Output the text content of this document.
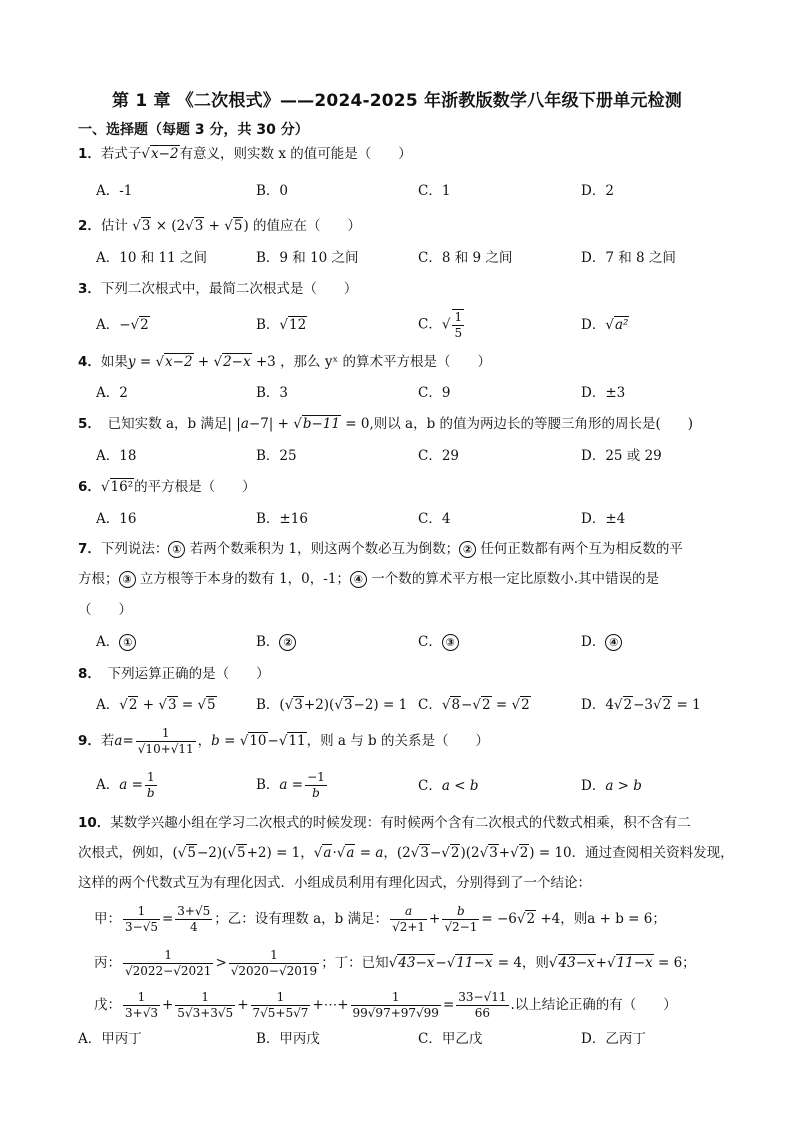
第 1 章 《二次根式》——2024-2025 年浙教版数学八年级下册单元检测
一、选择题（每题 3 分，共 30 分）
1．若式子√x−2有意义，则实数 x 的值可能是（　　）
A．-1	B．0	C．1	D．2
2．估计 √3 × (2√3 + √5) 的值应在（　　）
A．10 和 11 之间	B．9 和 10 之间	C．8 和 9 之间	D．7 和 8 之间
3．下列二次根式中，最简二次根式是（　　）
A．−√2	B．√12	C．√ $\frac{1}{5}$	D．√a²
4．如果y = √x−2 + √2−x +3 ，那么 yˣ 的算术平方根是（　　）
A．2	B．3	C．9	D．±3
5．　 已知实数 a，b 满足| |a−7| + √b−11 = 0,则以 a，b 的值为两边长的等腰三角形的周长是(　　)
A．18	B．25	C．29	D．25 或 29
6．√16²的平方根是（　　）
A．16	B．±16	C．4	D．±4
7．下列说法： ① 若两个数乘积为 1，则这两个数必互为倒数； ② 任何正数都有两个互为相反数的平
方根； ③ 立方根等于本身的数有 1，0，-1； ④ 一个数的算术平方根一定比原数小.其中错误的是
（　　）
A． ①	B． ②	C． ③	D． ④
8．　 下列运算正确的是（　　）
A．√2 + √3 = √5	B．(√3+2)(√3−2) = 1 C．√8−√2 = √2	D．4√2−3√2 = 1
9．若$a= \frac{1}{√10+√11}$ ，b = √10−√11，则 a 与 b 的关系是（　　）
A．$a = \frac{1}{b}$	B．$a = \frac{-1}{b}$	C．a < b	D．a > b
10．某数学兴趣小组在学习二次根式的时候发现：有时候两个含有二次根式的代数式相乘，积不含有二
次根式，例如，(√5−2)(√5+2) = 1，√a·√a = a，(2√3−√2)(2√3+√2) = 10．通过查阅相关资料发现，
这样的两个代数式互为有理化因式．小组成员利用有理化因式，分别得到了一个结论：
甲： $\frac{1}{3-√5} = \frac{3+√5}{4}$ ；乙：设有理数 a，b 满足： $\frac{a}{√2+1} + \frac{b}{√2-1} = -6√2 +4$，则a + b = 6；
丙： $\frac{1}{√2022-√2021} > \frac{1}{√2020-√2019}$ ；丁：已知√43−x−√11−x = 4，则√43−x+√11−x = 6；
戊： $\frac{1}{3+√3} + \frac{1}{5√3+3√5} + \frac{1}{7√5+5√7}$ +⋯+ $\frac{1}{99√97+97√99} = \frac{33-√11}{66}$ .以上结论正确的有（　　）
A．甲丙丁	B．甲丙戊	C．甲乙戊	D．乙丙丁
